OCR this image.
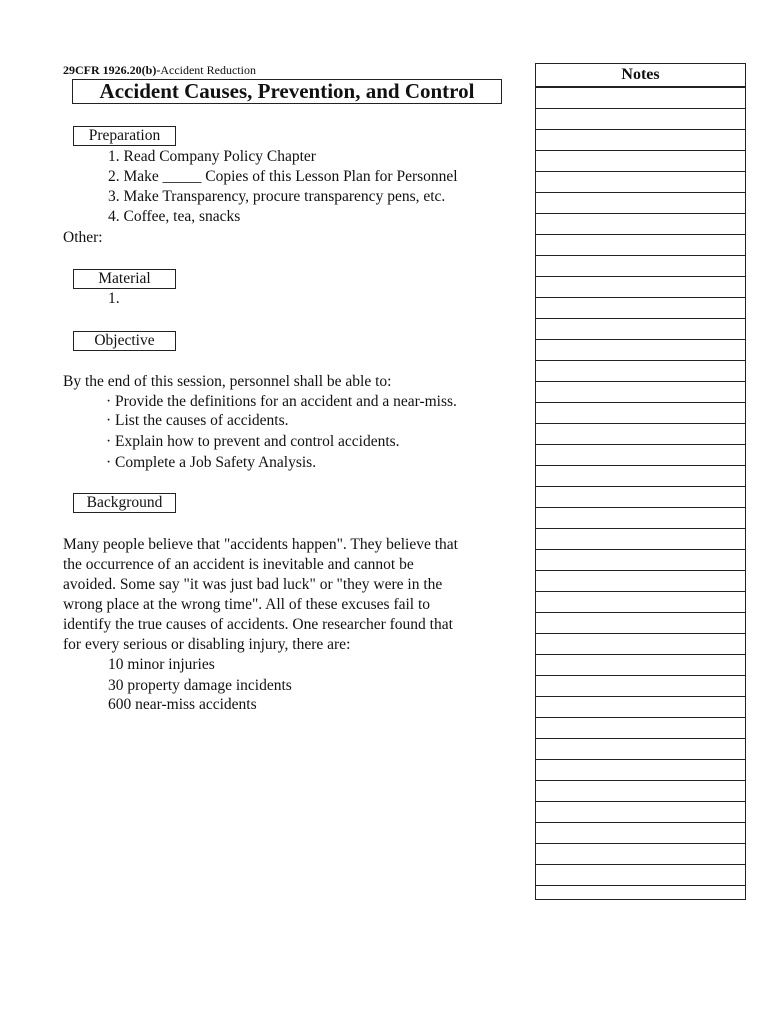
29CFR 1926.20(b)-Accident Reduction
Accident Causes, Prevention, and Control
Preparation
1. Read Company Policy Chapter
2. Make _____ Copies of this Lesson Plan for Personnel
3. Make Transparency, procure transparency pens, etc.
4. Coffee, tea, snacks
Other:
Material
1.
Objective
By the end of this session, personnel shall be able to:
· Provide the definitions for an accident and a near-miss.
· List the causes of accidents.
· Explain how to prevent and control accidents.
· Complete a Job Safety Analysis.
Background
Many people believe that "accidents happen". They believe that
the occurrence of an accident is inevitable and cannot be
avoided. Some say "it was just bad luck" or "they were in the
wrong place at the wrong time". All of these excuses fail to
identify the true causes of accidents. One researcher found that
for every serious or disabling injury, there are:
10 minor injuries
30 property damage incidents
600 near-miss accidents
Notes
